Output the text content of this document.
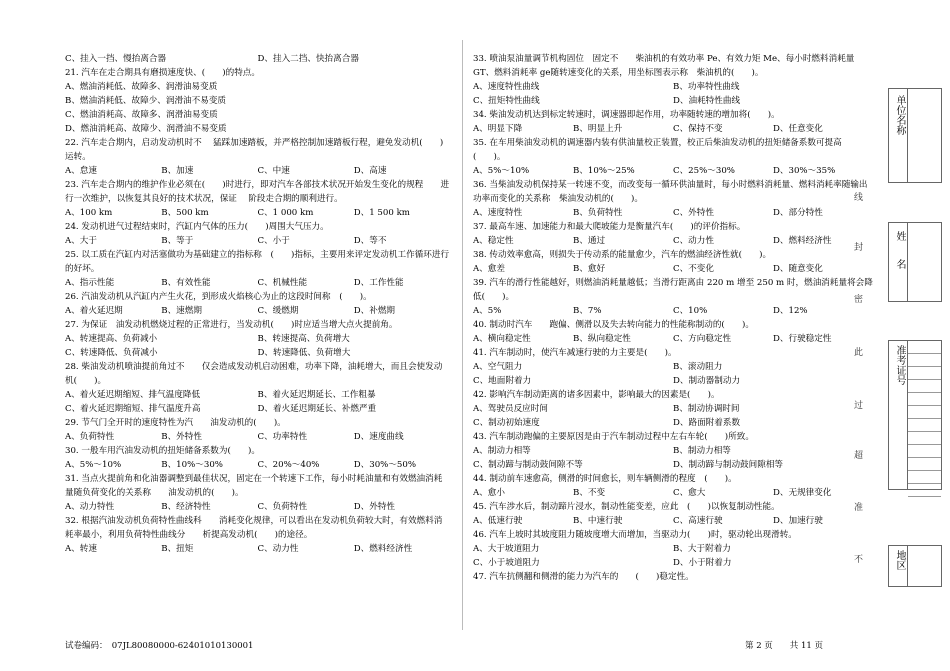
C、挂入一挡、慢抬离合器	D、挂入二挡、快抬离合器
21. 汽车在走合期具有磨损速度快、(　　)的特点。
A、燃油消耗低、故障多、润滑油易变质
B、燃油消耗低、故障少、润滑油不易变质
C、燃油消耗高、故障多、润滑油易变质
D、燃油消耗高、故障少、润滑油不易变质
22. 汽车走合期内，启动发动机时不 　猛踩加速踏板，并严格控制加速踏板行程，避免发动机(　　)运转。
A、怠速	B、加速	C、中速	D、高速
23. 汽车走合期内的维护作业必须在(　　)时进行，即对汽车各部技术状况开始发生变化的规程　　进行一次维护，以恢复其良好的技术状况，保证 　阶段走合期的顺利进行。
A、100 km	B、500 km	C、1 000 km	D、1 500 km
24. 发动机进气过程结束时，汽缸内气体的压力(　　)周围大气压力。
A、大于	B、等于	C、小于	D、等不
25. 以工质在汽缸内对活塞做功为基础建立的指标称　(　　)指标，主要用来评定发动机工作循环进行的好坏。
A、指示性能	B、有效性能	C、机械性能	D、工作性能
26. 汽油发动机从汽缸内产生火花，到形成火焰核心为止的这段时间称　(　　)。
A、着火延迟期	B、速燃期	C、缓燃期	D、补燃期
27. 为保证　油发动机燃烧过程的正常进行，当发动机(　　)时应适当增大点火提前角。
A、转速提高、负荷减小	B、转速提高、负荷增大
C、转速降低、负荷减小	D、转速降低、负荷增大
28. 柴油发动机喷油提前角过不　　仅会造成发动机启动困难，功率下降，油耗增大，而且会使发动机(　　)。
A、着火延迟期缩短、排气温度降低	B、着火延迟期延长、工作粗暴
C、着火延迟期缩短、排气温度升高	D、着火延迟期延长、补燃严重
29. 节气门全开时的速度特性为汽　　油发动机的(　　)。
A、负荷特性	B、外特性	C、功率特性	D、速度曲线
30. 一般车用汽油发动机的扭矩储备系数为(　　)。
A、5%～10%	B、10%～30%	C、20%～40%	D、30%～50%
31. 当点火提前角和化油器调整到最佳状况，固定在一个转速下工作，每小时耗油量和有效燃油消耗量随负荷变化的关系称　　油发动机的(　　)。
A、动力特性	B、经济特性	C、负荷特性	D、外特性
32. 根据汽油发动机负荷特性曲线科　　消耗变化规律，可以看出在发动机负荷较大时，有效燃料消耗率最小，利用负荷特性曲线分　　析提高发动机(　　)的途径。
A、转速	B、扭矩	C、动力性	D、燃料经济性
33. 喷油泵油量调节机构固位　固定不　　柴油机的有效功率 Pe、有效力矩 Me、每小时燃料消耗量 GT、燃料消耗率 ge随转速变化的关系，用坐标图表示称　柴油机的(　　)。
A、速度特性曲线	B、功率特性曲线
C、扭矩特性曲线	D、油耗特性曲线
34. 柴油发动机达到标定转速时，调速器即起作用，功率随转速的增加将(　　)。
A、明显下降	B、明显上升	C、保持不变	D、任意变化
35. 在车用柴油发动机的调速器内装有供油量校正装置，校正后柴油发动机的扭矩储备系数可提高(　　)。
A、5%～10%	B、10%～25%	C、25%～30%	D、30%～35%
36. 当柴油发动机保持某一转速不变，而改变每一循环供油量时，每小时燃料消耗量、燃料消耗率随输出功率而变化的关系称　柴油发动机的(　　)。
A、速度特性	B、负荷特性	C、外特性	D、部分特性
37. 最高车速、加速能力和最大爬坡能力是衡量汽车(　　)的评价指标。
A、稳定性	B、通过	C、动力性	D、燃料经济性
38. 传动效率愈高，则损失于传动系的能量愈少，汽车的燃油经济性就(　　)。
A、愈差	B、愈好	C、不变化	D、随意变化
39. 汽车的滑行性能越好，则燃油消耗量越低；当滑行距离由 220 m 增至 250 m 时，燃油消耗量将会降低(　　)。
A、5%	B、7%	C、10%	D、12%
40. 制动时汽车　　跑偏、侧滑以及失去转向能力的性能称制动的(　　)。
A、横向稳定性	B、纵向稳定性	C、方向稳定性	D、行驶稳定性
41. 汽车制动时，使汽车减速行驶的力主要是(　　)。
A、空气阻力	B、滚动阻力
C、地面附着力	D、制动器制动力
42. 影响汽车制动距离的诸多因素中，影响最大的因素是(　　)。
A、驾驶员反应时间	B、制动协调时间
C、制动初始速度	D、路面附着系数
43. 汽车制动跑偏的主要原因是由于汽车制动过程中左右车轮(　　)所致。
A、制动力相等	B、制动力相等
C、制动蹄与制动鼓间隙不等	D、制动蹄与制动鼓间隙相等
44. 制动前车速愈高，侧滑的时间愈长，则车辆侧滑的程度　(　　)。
A、愈小	B、不变	C、愈大	D、无规律变化
45. 汽车涉水后，制动蹄片浸水，制动性能变差，应此　(　　)以恢复制动性能。
A、低速行驶	B、中速行驶	C、高速行驶	D、加速行驶
46. 汽车上坡时其坡度阻力随坡度增大而增加，当驱动力(　　)时，驱动轮出现滑转。
A、大于坡道阻力	B、大于附着力
C、小于坡道阻力	D、小于附着力
47. 汽车抗侧翻和侧滑的能力为汽车的　　(　　)稳定性。
试卷编码：　07JL80080000-62401010130001	第 2 页　　共 11 页
单位名称
姓名
准考证号
地区
线
封
密
此
过
超
准
不
